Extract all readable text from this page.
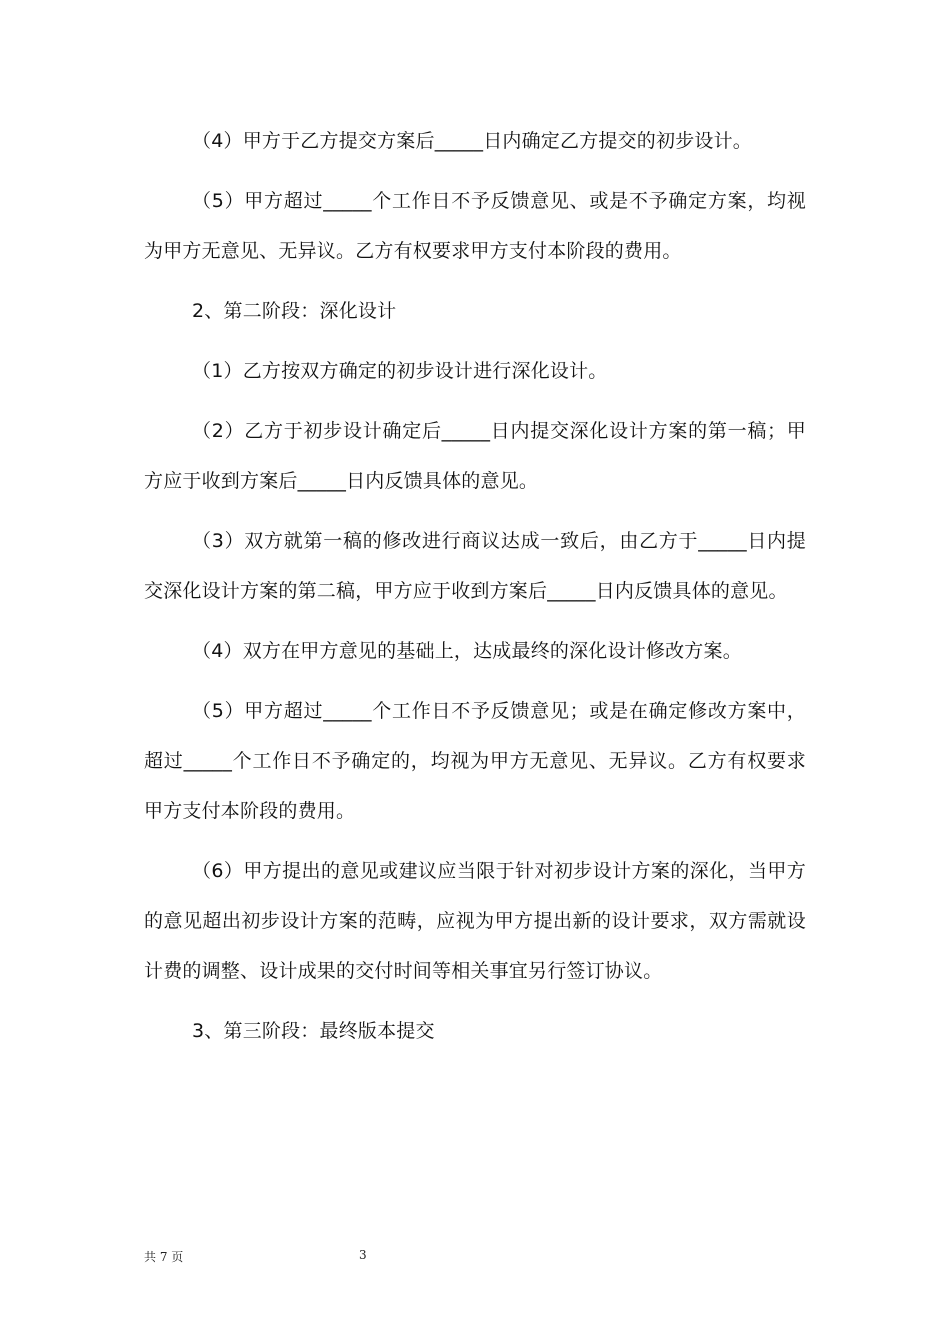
（4）甲方于乙方提交方案后_____日内确定乙方提交的初步设计。

（5）甲方超过_____个工作日不予反馈意见、或是不予确定方案，均视为甲方无意见、无异议。乙方有权要求甲方支付本阶段的费用。

2、第二阶段：深化设计

（1）乙方按双方确定的初步设计进行深化设计。

（2）乙方于初步设计确定后_____日内提交深化设计方案的第一稿；甲方应于收到方案后_____日内反馈具体的意见。

（3）双方就第一稿的修改进行商议达成一致后，由乙方于_____日内提交深化设计方案的第二稿，甲方应于收到方案后_____日内反馈具体的意见。

（4）双方在甲方意见的基础上，达成最终的深化设计修改方案。

（5）甲方超过_____个工作日不予反馈意见；或是在确定修改方案中，超过_____个工作日不予确定的，均视为甲方无意见、无异议。乙方有权要求甲方支付本阶段的费用。

（6）甲方提出的意见或建议应当限于针对初步设计方案的深化，当甲方的意见超出初步设计方案的范畴，应视为甲方提出新的设计要求，双方需就设计费的调整、设计成果的交付时间等相关事宜另行签订协议。

3、第三阶段：最终版本提交

共 7 页	3
